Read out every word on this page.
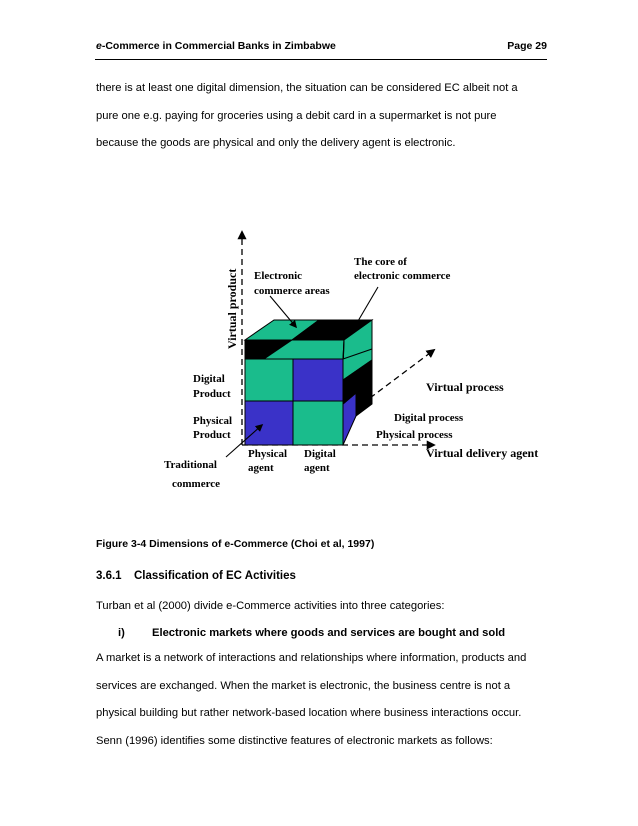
e-Commerce in Commercial Banks in Zimbabwe	Page 29
there is at least one digital dimension, the situation can be considered EC albeit not a
pure one e.g. paying for groceries using a debit card in a supermarket is not pure
because the goods are physical and only the delivery agent is electronic.
Virtual product Electronic
commerce areas
The core of
electronic commerce
Digital
Product
Physical
Product
Virtual process
Digital process
Physical process
Physical
agent
Digital
agent
Virtual delivery agent
Traditional
commerce
Figure 3-4 Dimensions of e-Commerce (Choi et al, 1997)
3.6.1 Classification of EC Activities
Turban et al (2000) divide e-Commerce activities into three categories:
i) Electronic markets where goods and services are bought and sold
A market is a network of interactions and relationships where information, products and
services are exchanged. When the market is electronic, the business centre is not a
physical building but rather network-based location where business interactions occur.
Senn (1996) identifies some distinctive features of electronic markets as follows:
